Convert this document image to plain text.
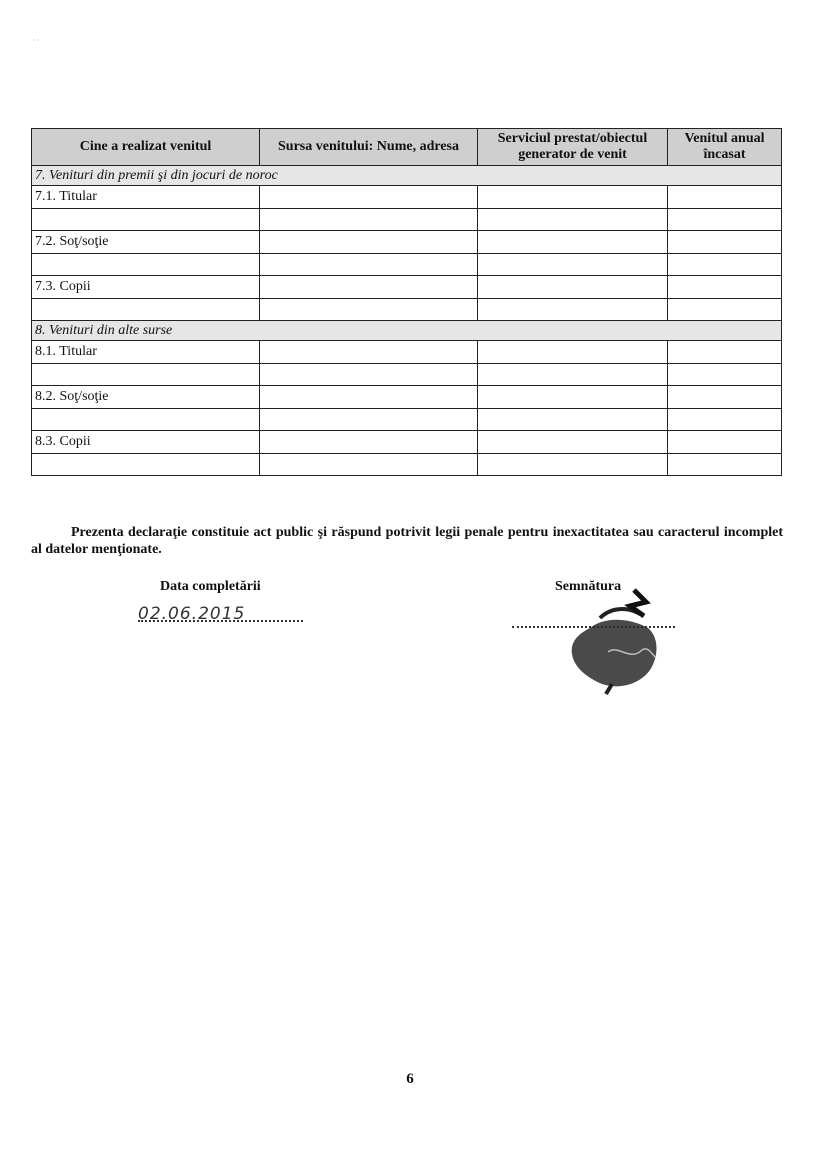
· ·
Cine a realizat venitul	Sursa venitului: Nume, adresa	Serviciul prestat/obiectul generator de venit	Venitul anual încasat
7. Venituri din premii şi din jocuri de noroc			
7.1. Titular			

7.2. Soţ/soţie			

7.3. Copii			

8. Venituri din alte surse			
8.1. Titular			

8.2. Soţ/soţie			

8.3. Copii			

Prezenta declaraţie constituie act public şi răspund potrivit legii penale pentru inexactitatea sau caracterul incomplet al datelor menţionate.
Data completării
02.06.2015
Semnătura
6
